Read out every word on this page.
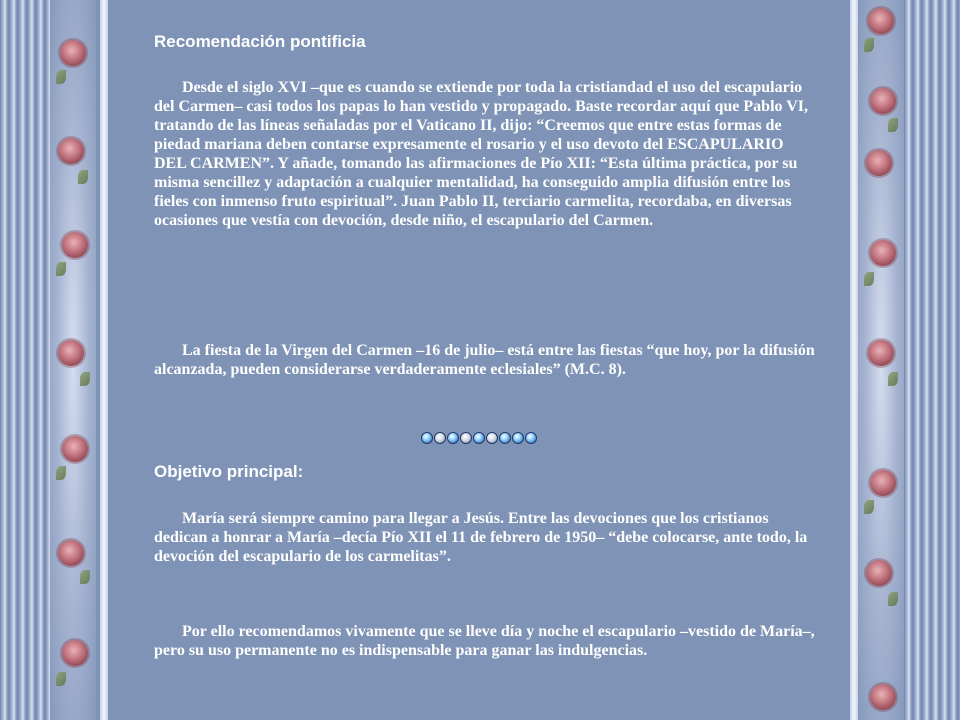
Recomendación pontificia

Desde el siglo XVI –que es cuando se extiende por toda la cristiandad el uso del escapulario del Carmen– casi todos los papas lo han vestido y propagado. Baste recordar aquí que Pablo VI, tratando de las líneas señaladas por el Vaticano II, dijo: “Creemos que entre estas formas de piedad mariana deben contarse expresamente el rosario y el uso devoto del ESCAPULARIO DEL CARMEN”. Y añade, tomando las afirmaciones de Pío XII: “Esta última práctica, por su misma sencillez y adaptación a cualquier mentalidad, ha conseguido amplia difusión entre los fieles con inmenso fruto espiritual”. Juan Pablo II, terciario carmelita, recordaba, en diversas ocasiones que vestía con devoción, desde niño, el escapulario del Carmen.

La fiesta de la Virgen del Carmen –16 de julio– está entre las fiestas “que hoy, por la difusión alcanzada, pueden considerarse verdaderamente eclesiales” (M.C. 8).

Objetivo principal:

María será siempre camino para llegar a Jesús. Entre las devociones que los cristianos dedican a honrar a María –decía Pío XII el 11 de febrero de 1950– “debe colocarse, ante todo, la devoción del escapulario de los carmelitas”.

Por ello recomendamos vivamente que se lleve día y noche el escapulario –vestido de María–, pero su uso permanente no es indispensable para ganar las indulgencias.
